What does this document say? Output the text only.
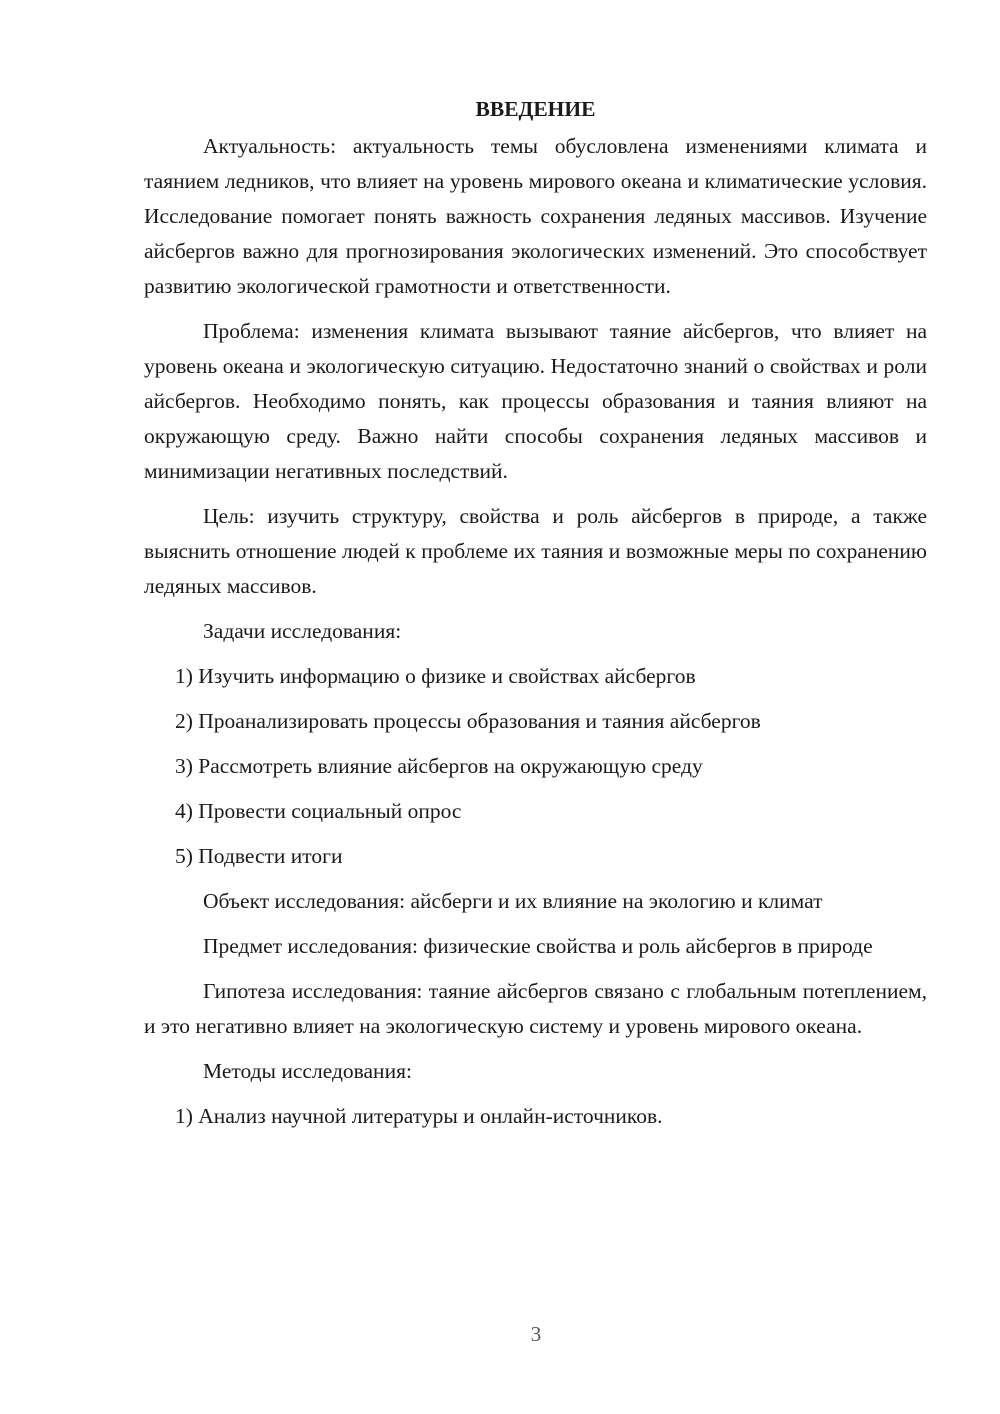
ВВЕДЕНИЕ

Актуальность: актуальность темы обусловлена изменениями климата и таянием ледников, что влияет на уровень мирового океана и климатические условия. Исследование помогает понять важность сохранения ледяных массивов. Изучение айсбергов важно для прогнозирования экологических изменений. Это способствует развитию экологической грамотности и ответственности.

Проблема: изменения климата вызывают таяние айсбергов, что влияет на уровень океана и экологическую ситуацию. Недостаточно знаний о свойствах и роли айсбергов. Необходимо понять, как процессы образования и таяния влияют на окружающую среду. Важно найти способы сохранения ледяных массивов и минимизации негативных последствий.

Цель: изучить структуру, свойства и роль айсбергов в природе, а также выяснить отношение людей к проблеме их таяния и возможные меры по сохранению ледяных массивов.

Задачи исследования:

1) Изучить информацию о физике и свойствах айсбергов
2) Проанализировать процессы образования и таяния айсбергов
3) Рассмотреть влияние айсбергов на окружающую среду
4) Провести социальный опрос
5) Подвести итоги

Объект исследования: айсберги и их влияние на экологию и климат

Предмет исследования: физические свойства и роль айсбергов в природе

Гипотеза исследования: таяние айсбергов связано с глобальным потеплением, и это негативно влияет на экологическую систему и уровень мирового океана.

Методы исследования:

1) Анализ научной литературы и онлайн-источников.
3
